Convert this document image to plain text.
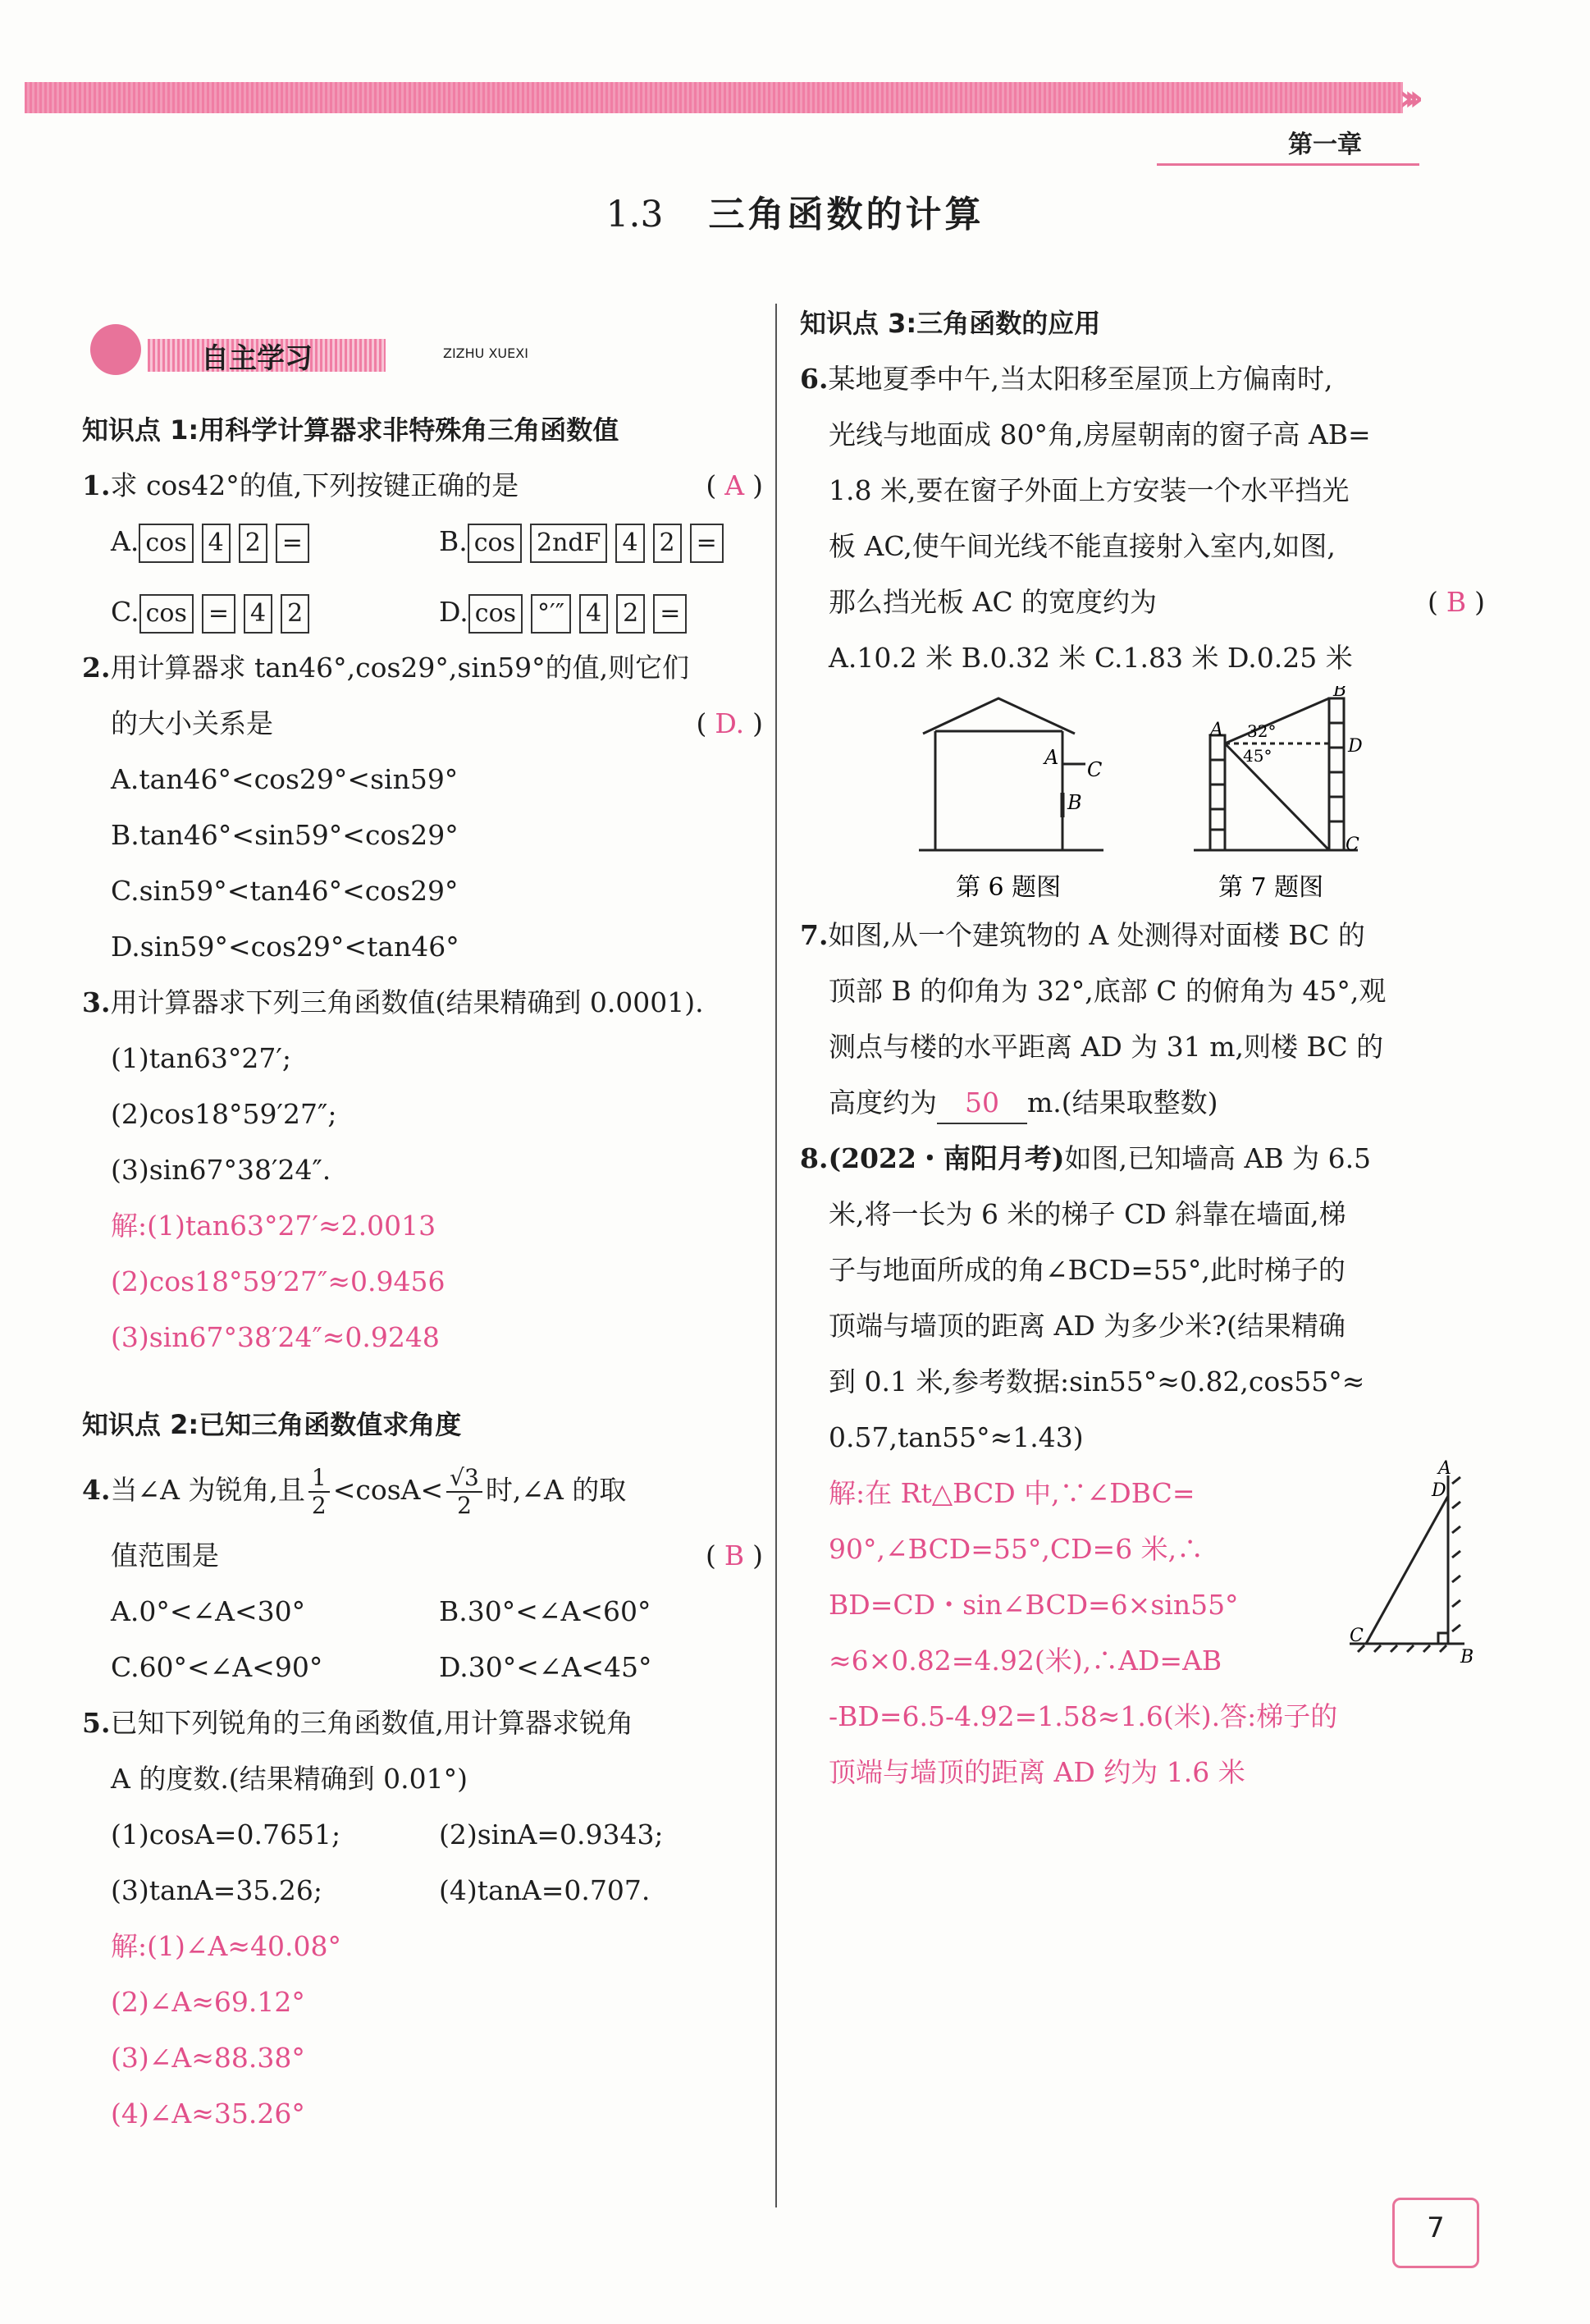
›››
第一章
1.3 三角函数的计算
自主学习	ZIZHU XUEXI
知识点 1:用科学计算器求非特殊角三角函数值
1.求 cos42°的值,下列按键正确的是	( A )
A. cos 4 2 =	B. cos 2ndF 4 2 =
C. cos = 4 2	D. cos °′″ 4 2 =
2.用计算器求 tan46°,cos29°,sin59°的值,则它们
的大小关系是	( D. )
A.tan46°<cos29°<sin59°
B.tan46°<sin59°<cos29°
C.sin59°<tan46°<cos29°
D.sin59°<cos29°<tan46°
3.用计算器求下列三角函数值(结果精确到 0.0001).
(1)tan63°27′;
(2)cos18°59′27″;
(3)sin67°38′24″.
解:(1)tan63°27′≈2.0013
(2)cos18°59′27″≈0.9456
(3)sin67°38′24″≈0.9248
知识点 2:已知三角函数值求角度
4.当∠A 为锐角,且 $\frac{1}{2} <\cos A< \frac{√3}{2}$ 时,∠A 的取
值范围是	( B )
A.0°<∠A<30°	B.30°<∠A<60°
C.60°<∠A<90°	D.30°<∠A<45°
5.已知下列锐角的三角函数值,用计算器求锐角
A 的度数.(结果精确到 0.01°)
(1)cosA=0.7651;	(2)sinA=0.9343;
(3)tanA=35.26;	(4)tanA=0.707.
解:(1)∠A≈40.08°
(2)∠A≈69.12°
(3)∠A≈88.38°
(4)∠A≈35.26°
知识点 3:三角函数的应用
6.某地夏季中午,当太阳移至屋顶上方偏南时,
光线与地面成 80°角,房屋朝南的窗子高 AB=
1.8 米,要在窗子外面上方安装一个水平挡光
板 AC,使午间光线不能直接射入室内,如图,
那么挡光板 AC 的宽度约为	( B )
A.10.2 米 B.0.32 米 C.1.83 米 D.0.25 米
A
C
B
第 6 题图
A
B
D
C
32°
45°
第 7 题图
7.如图,从一个建筑物的 A 处测得对面楼 BC 的
顶部 B 的仰角为 32°,底部 C 的俯角为 45°,观
测点与楼的水平距离 AD 为 31 m,则楼 BC 的
高度约为 50 m.(结果取整数)
8.(2022・南阳月考)如图,已知墙高 AB 为 6.5
米,将一长为 6 米的梯子 CD 斜靠在墙面,梯
子与地面所成的角∠BCD=55°,此时梯子的
顶端与墙顶的距离 AD 为多少米?(结果精确
到 0.1 米,参考数据:sin55°≈0.82,cos55°≈
0.57,tan55°≈1.43)
解:在 Rt△BCD 中,∵∠DBC=
90°,∠BCD=55°,CD=6 米,∴
BD=CD・sin∠BCD=6×sin55°
≈6×0.82=4.92(米),∴AD=AB
-BD=6.5-4.92=1.58≈1.6(米).答:梯子的
顶端与墙顶的距离 AD 约为 1.6 米
A
D
C
B
7
